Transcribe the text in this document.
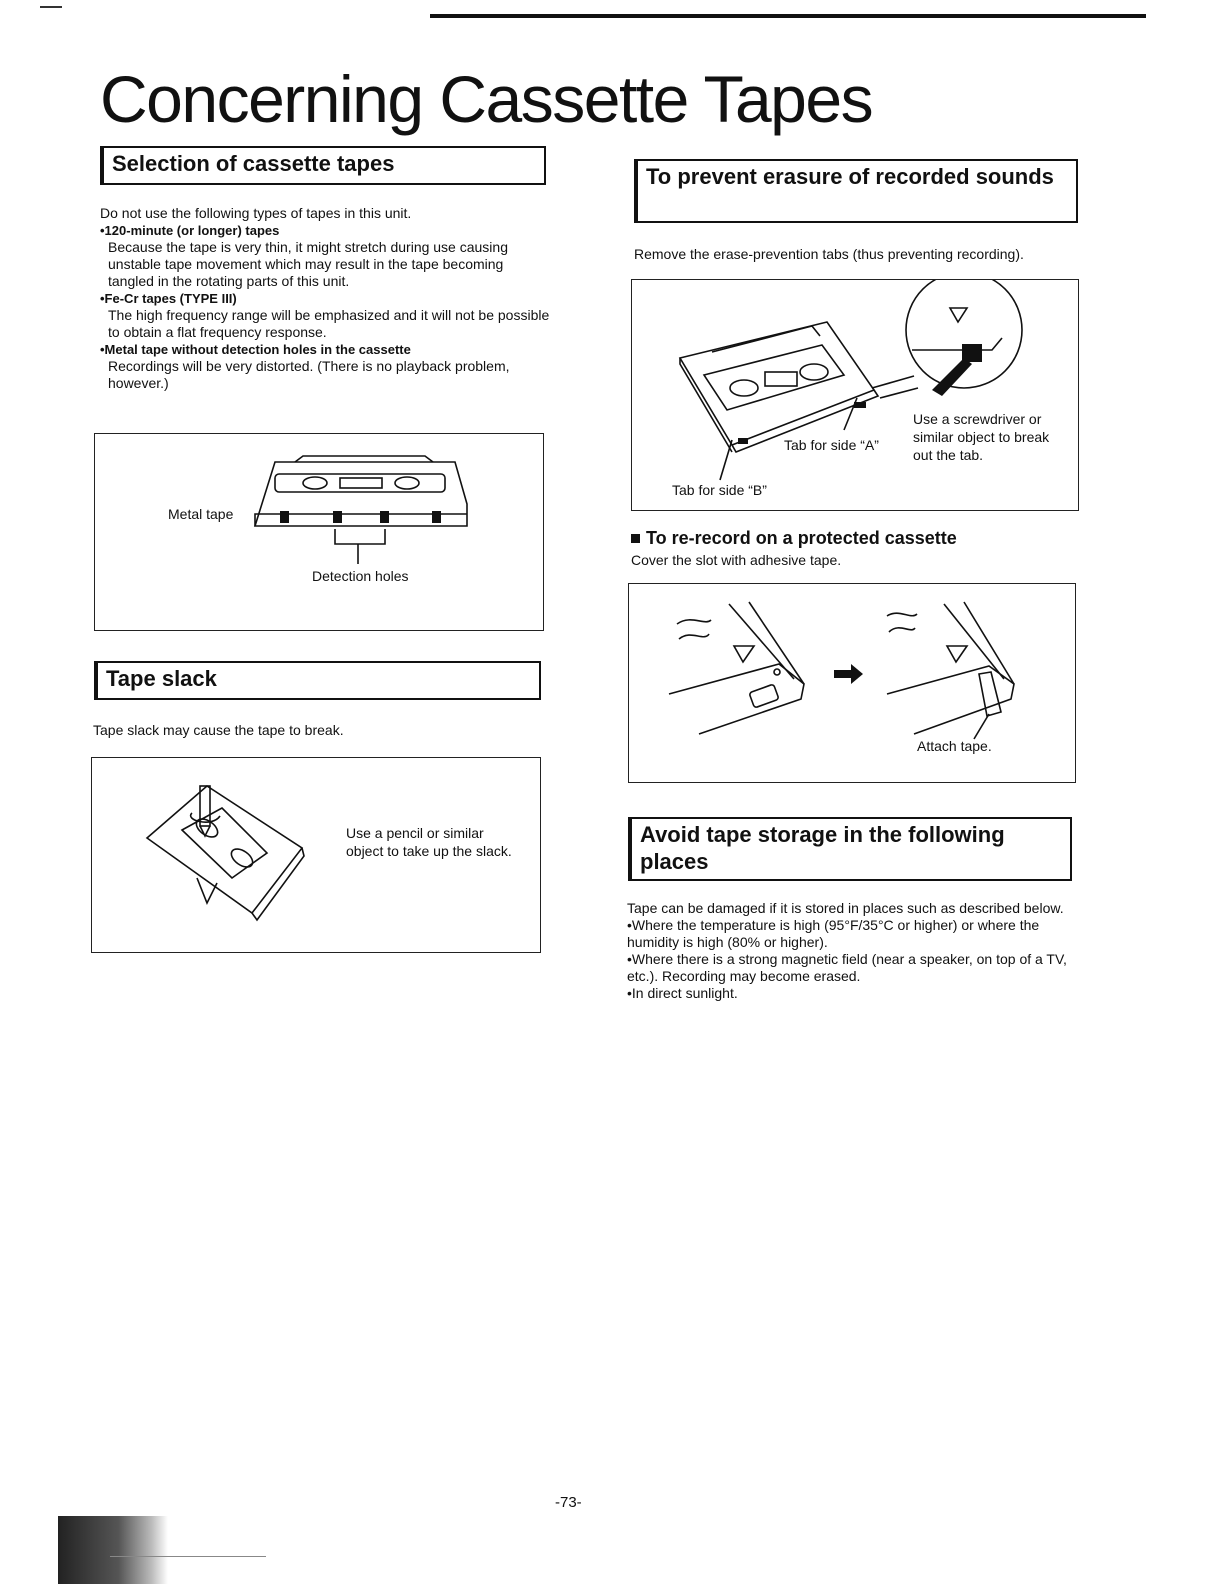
Concerning Cassette Tapes
Selection of cassette tapes
Do not use the following types of tapes in this unit.
•120-minute (or longer) tapes
Because the tape is very thin, it might stretch during use causing unstable tape movement which may result in the tape becoming tangled in the rotating parts of this unit.
•Fe-Cr tapes (TYPE III)
The high frequency range will be emphasized and it will not be possible to obtain a flat frequency response.
•Metal tape without detection holes in the cassette
Recordings will be very distorted. (There is no playback problem, however.)
Metal tape
Detection holes
Tape slack
Tape slack may cause the tape to break.
Use a pencil or similar object to take up the slack.
To prevent erasure of recorded sounds
Remove the erase-prevention tabs (thus preventing recording).
Tab for side “A”
Tab for side “B”
Use a screwdriver or similar object to break out the tab.
To re-record on a protected cassette
Cover the slot with adhesive tape.
Attach tape.
Avoid tape storage in the following places
Tape can be damaged if it is stored in places such as described below.
•Where the temperature is high (95°F/35°C or higher) or where the humidity is high (80% or higher).
•Where there is a strong magnetic field (near a speaker, on top of a TV, etc.). Recording may become erased.
•In direct sunlight.
-73-
